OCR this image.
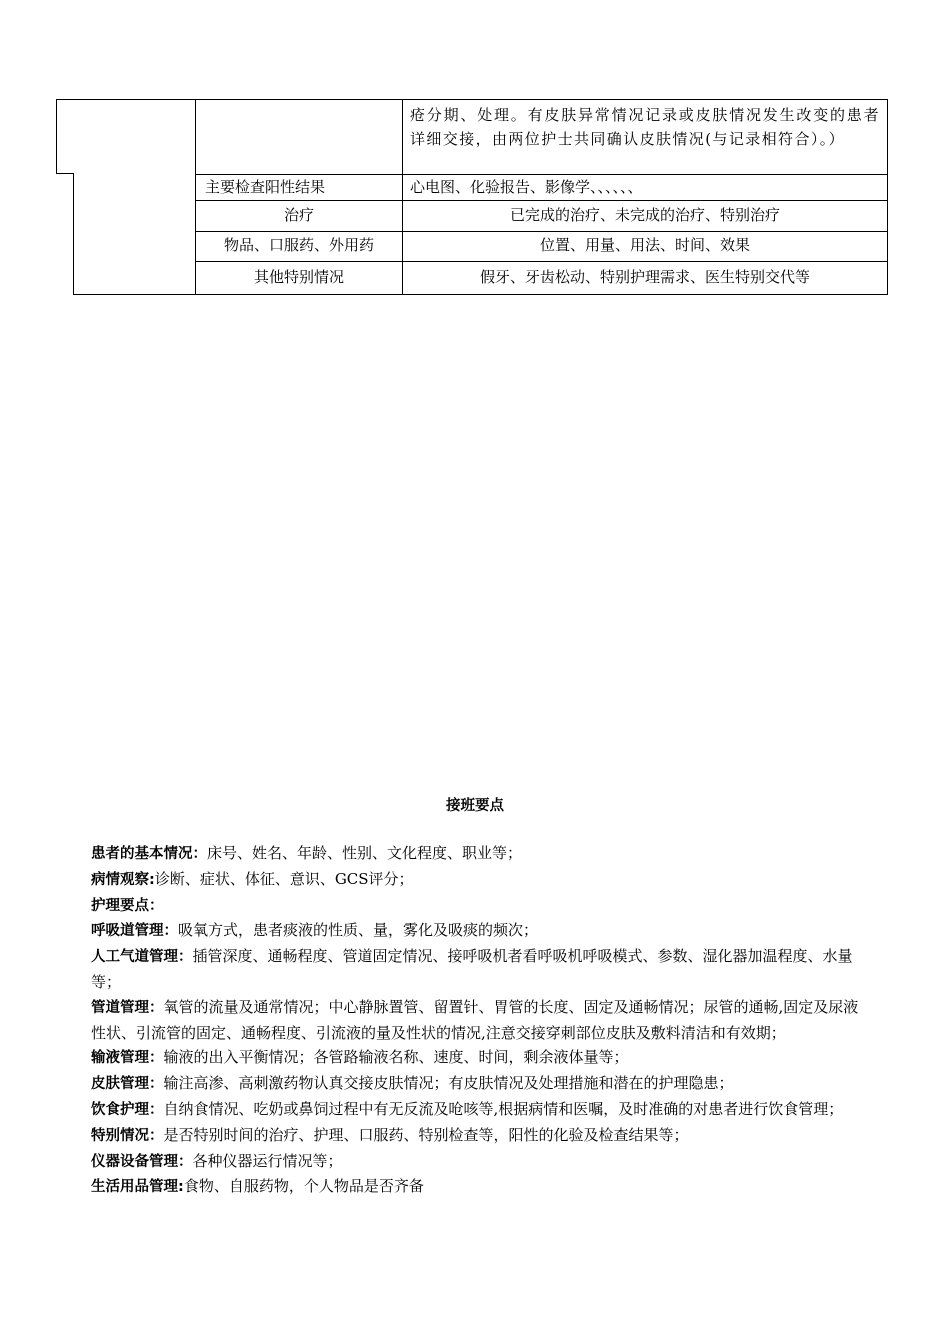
疮分期、处理。有皮肤异常情况记录或皮肤情况发生改变的患者详细交接，由两位护士共同确认皮肤情况(与记录相符合）。）
主要检查阳性结果	心电图、化验报告、影像学、、、、、、
治疗	已完成的治疗、未完成的治疗、特别治疗
物品、口服药、外用药	位置、用量、用法、时间、效果
其他特别情况	假牙、牙齿松动、特别护理需求、医生特别交代等
接班要点

患者的基本情况：床号、姓名、年龄、性别、文化程度、职业等；

病情观察:诊断、症状、体征、意识、GCS评分；

护理要点：

呼吸道管理：吸氧方式，患者痰液的性质、量，雾化及吸痰的频次；

人工气道管理：插管深度、通畅程度、管道固定情况、接呼吸机者看呼吸机呼吸模式、参数、湿化器加温程度、水量等；

管道管理：氧管的流量及通常情况；中心静脉置管、留置针、胃管的长度、固定及通畅情况；尿管的通畅,固定及尿液性状、引流管的固定、通畅程度、引流液的量及性状的情况,注意交接穿刺部位皮肤及敷料清洁和有效期；

输液管理：输液的出入平衡情况；各管路输液名称、速度、时间，剩余液体量等；

皮肤管理：输注高渗、高刺激药物认真交接皮肤情况；有皮肤情况及处理措施和潜在的护理隐患；

饮食护理：自纳食情况、吃奶或鼻饲过程中有无反流及呛咳等,根据病情和医嘱，及时准确的对患者进行饮食管理；

特别情况：是否特别时间的治疗、护理、口服药、特别检查等，阳性的化验及检查结果等；

仪器设备管理：各种仪器运行情况等；

生活用品管理:食物、自服药物，个人物品是否齐备
